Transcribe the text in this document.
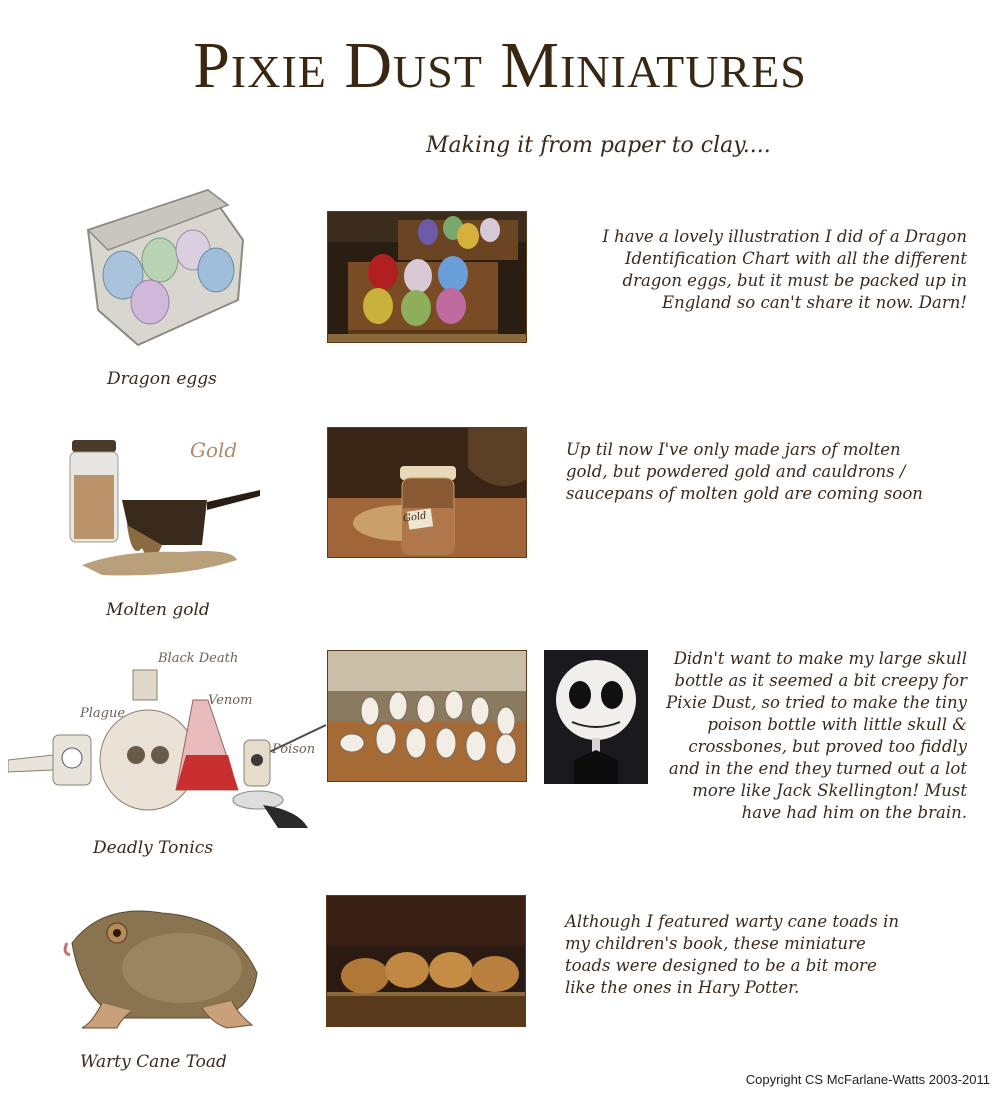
Pixie Dust Miniatures
Making it from paper to clay....
Dragon eggs
I have a lovely illustration I did of a Dragon Identification Chart with all the different dragon eggs, but it must be packed up in England so can't share it now. Darn!
Gold
Molten gold
Gold
Up til now I've only made jars of molten gold, but powdered gold and cauldrons / saucepans of molten gold are coming soon
Black Death
Venom
Plague
Poison
Deadly Tonics
Didn't want to make my large skull bottle as it seemed a bit creepy for Pixie Dust, so tried to make the tiny poison bottle with little skull & crossbones, but proved too fiddly and in the end they turned out a lot more like Jack Skellington! Must have had him on the brain.
Warty Cane Toad
Although I featured warty cane toads in my children's book, these miniature toads were designed to be a bit more like the ones in Hary Potter.
Copyright CS McFarlane-Watts 2003-2011
